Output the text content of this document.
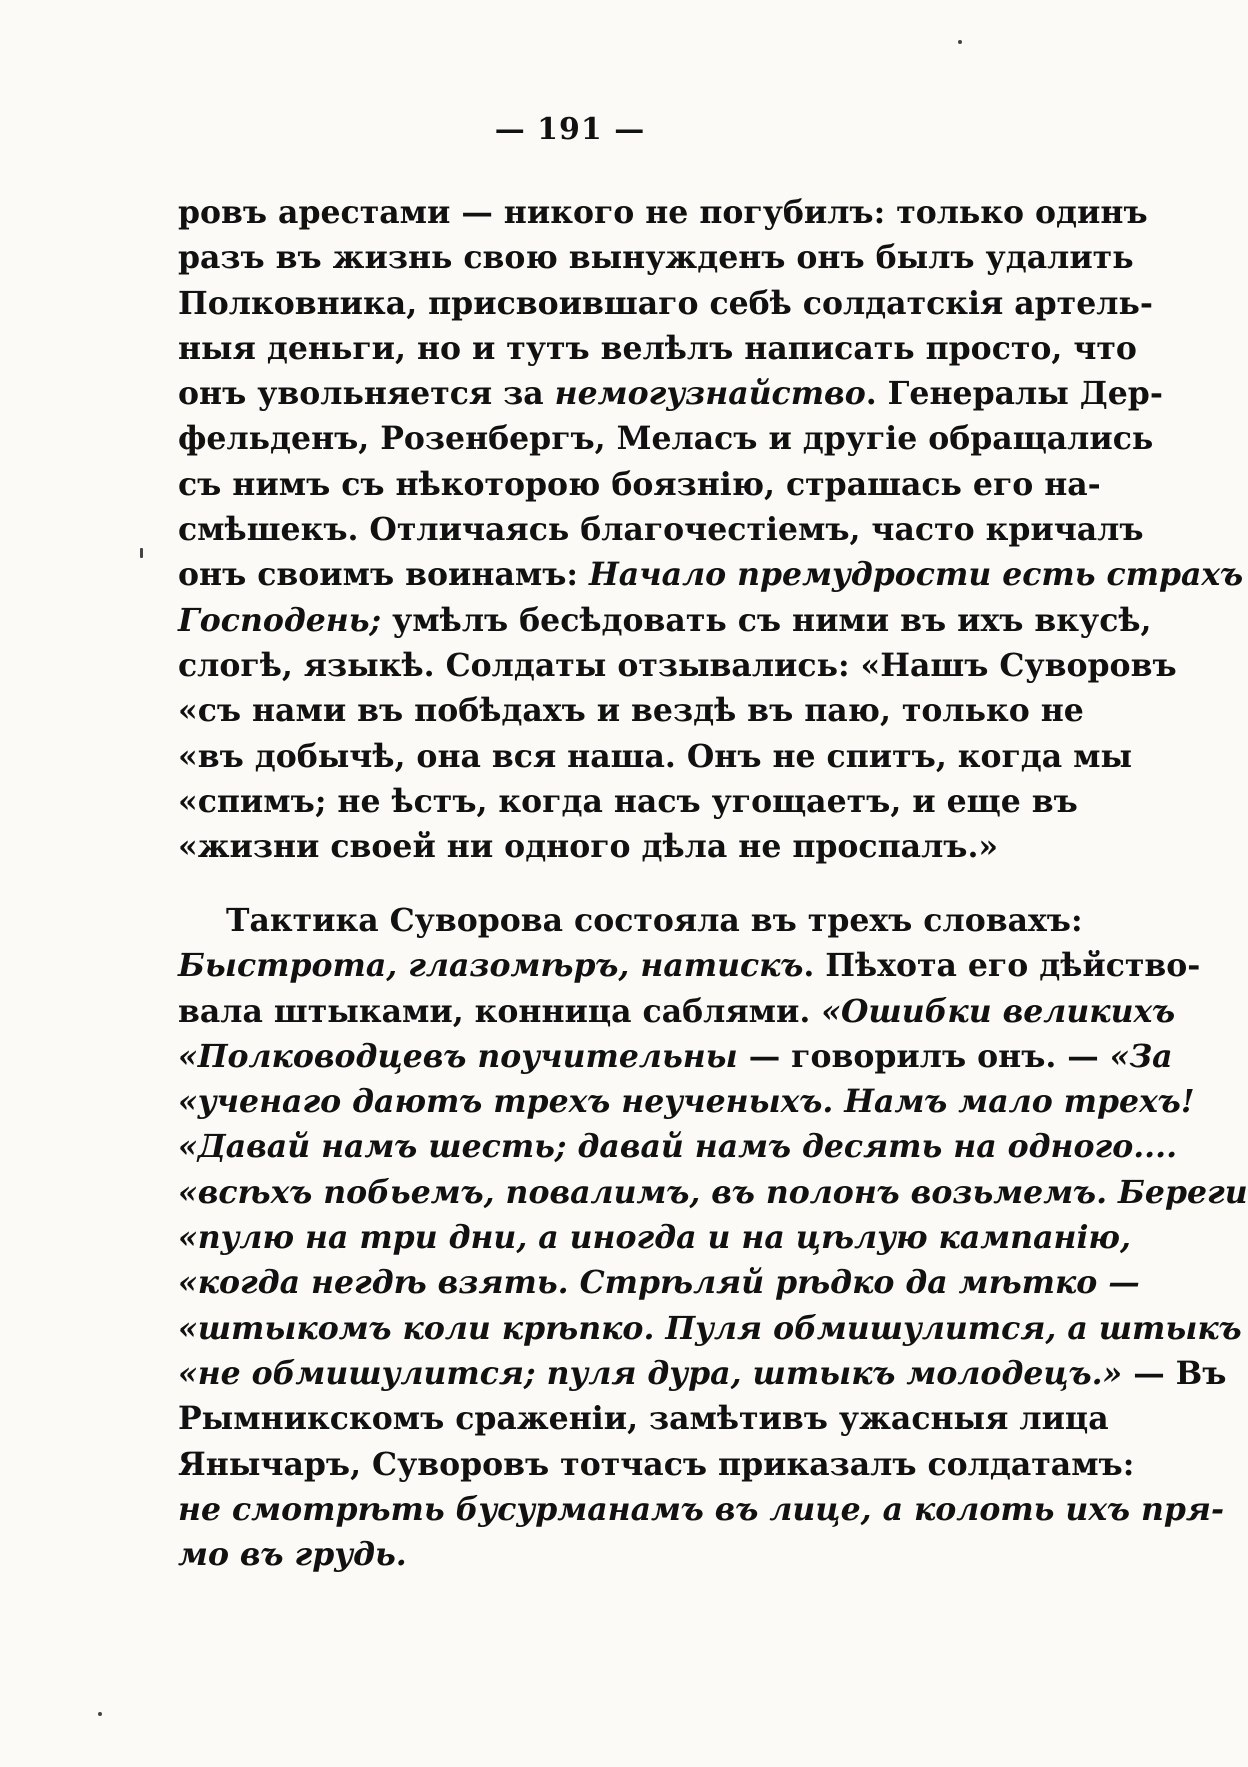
— 191 —
ровъ арестами — никого не погубилъ: только одинъ
разъ въ жизнь свою вынужденъ онъ былъ удалить
Полковника, присвоившаго себѣ солдатскія артель-
ныя деньги, но и тутъ велѣлъ написать просто, что
онъ увольняется за немогузнайство. Генералы Дер-
фельденъ, Розенбергъ, Меласъ и другіе обращались
съ нимъ съ нѣкоторою боязнію, страшась его на-
смѣшекъ. Отличаясь благочестіемъ, часто кричалъ
онъ своимъ воинамъ: Начало премудрости есть страхъ
Господень; умѣлъ бесѣдовать съ ними въ ихъ вкусѣ,
слогѣ, языкѣ. Солдаты отзывались: «Нашъ Суворовъ
«съ нами въ побѣдахъ и вездѣ въ паю, только не
«въ добычѣ, она вся наша. Онъ не спитъ, когда мы
«спимъ; не ѣстъ, когда насъ угощаетъ, и еще въ
«жизни своей ни одного дѣла не проспалъ.»
Тактика Суворова состояла въ трехъ словахъ:
Быстрота, глазомѣръ, натискъ. Пѣхота его дѣйство-
вала штыками, конница саблями. «Ошибки великихъ
«Полководцевъ поучительны — говорилъ онъ. — «За
«ученаго даютъ трехъ неученыхъ. Намъ мало трехъ!
«Давай намъ шесть; давай намъ десять на одного....
«всѣхъ побьемъ, повалимъ, въ полонъ возьмемъ. Береги
«пулю на три дни, а иногда и на цѣлую кампанію,
«когда негдѣ взять. Стрѣляй рѣдко да мѣтко —
«штыкомъ коли крѣпко. Пуля обмишулится, а штыкъ
«не обмишулится; пуля дура, штыкъ молодецъ.» — Въ
Рымникскомъ сраженіи, замѣтивъ ужасныя лица
Янычаръ, Суворовъ тотчасъ приказалъ солдатамъ:
не смотрѣть бусурманамъ въ лице, а колоть ихъ пря-
мо въ грудь.
